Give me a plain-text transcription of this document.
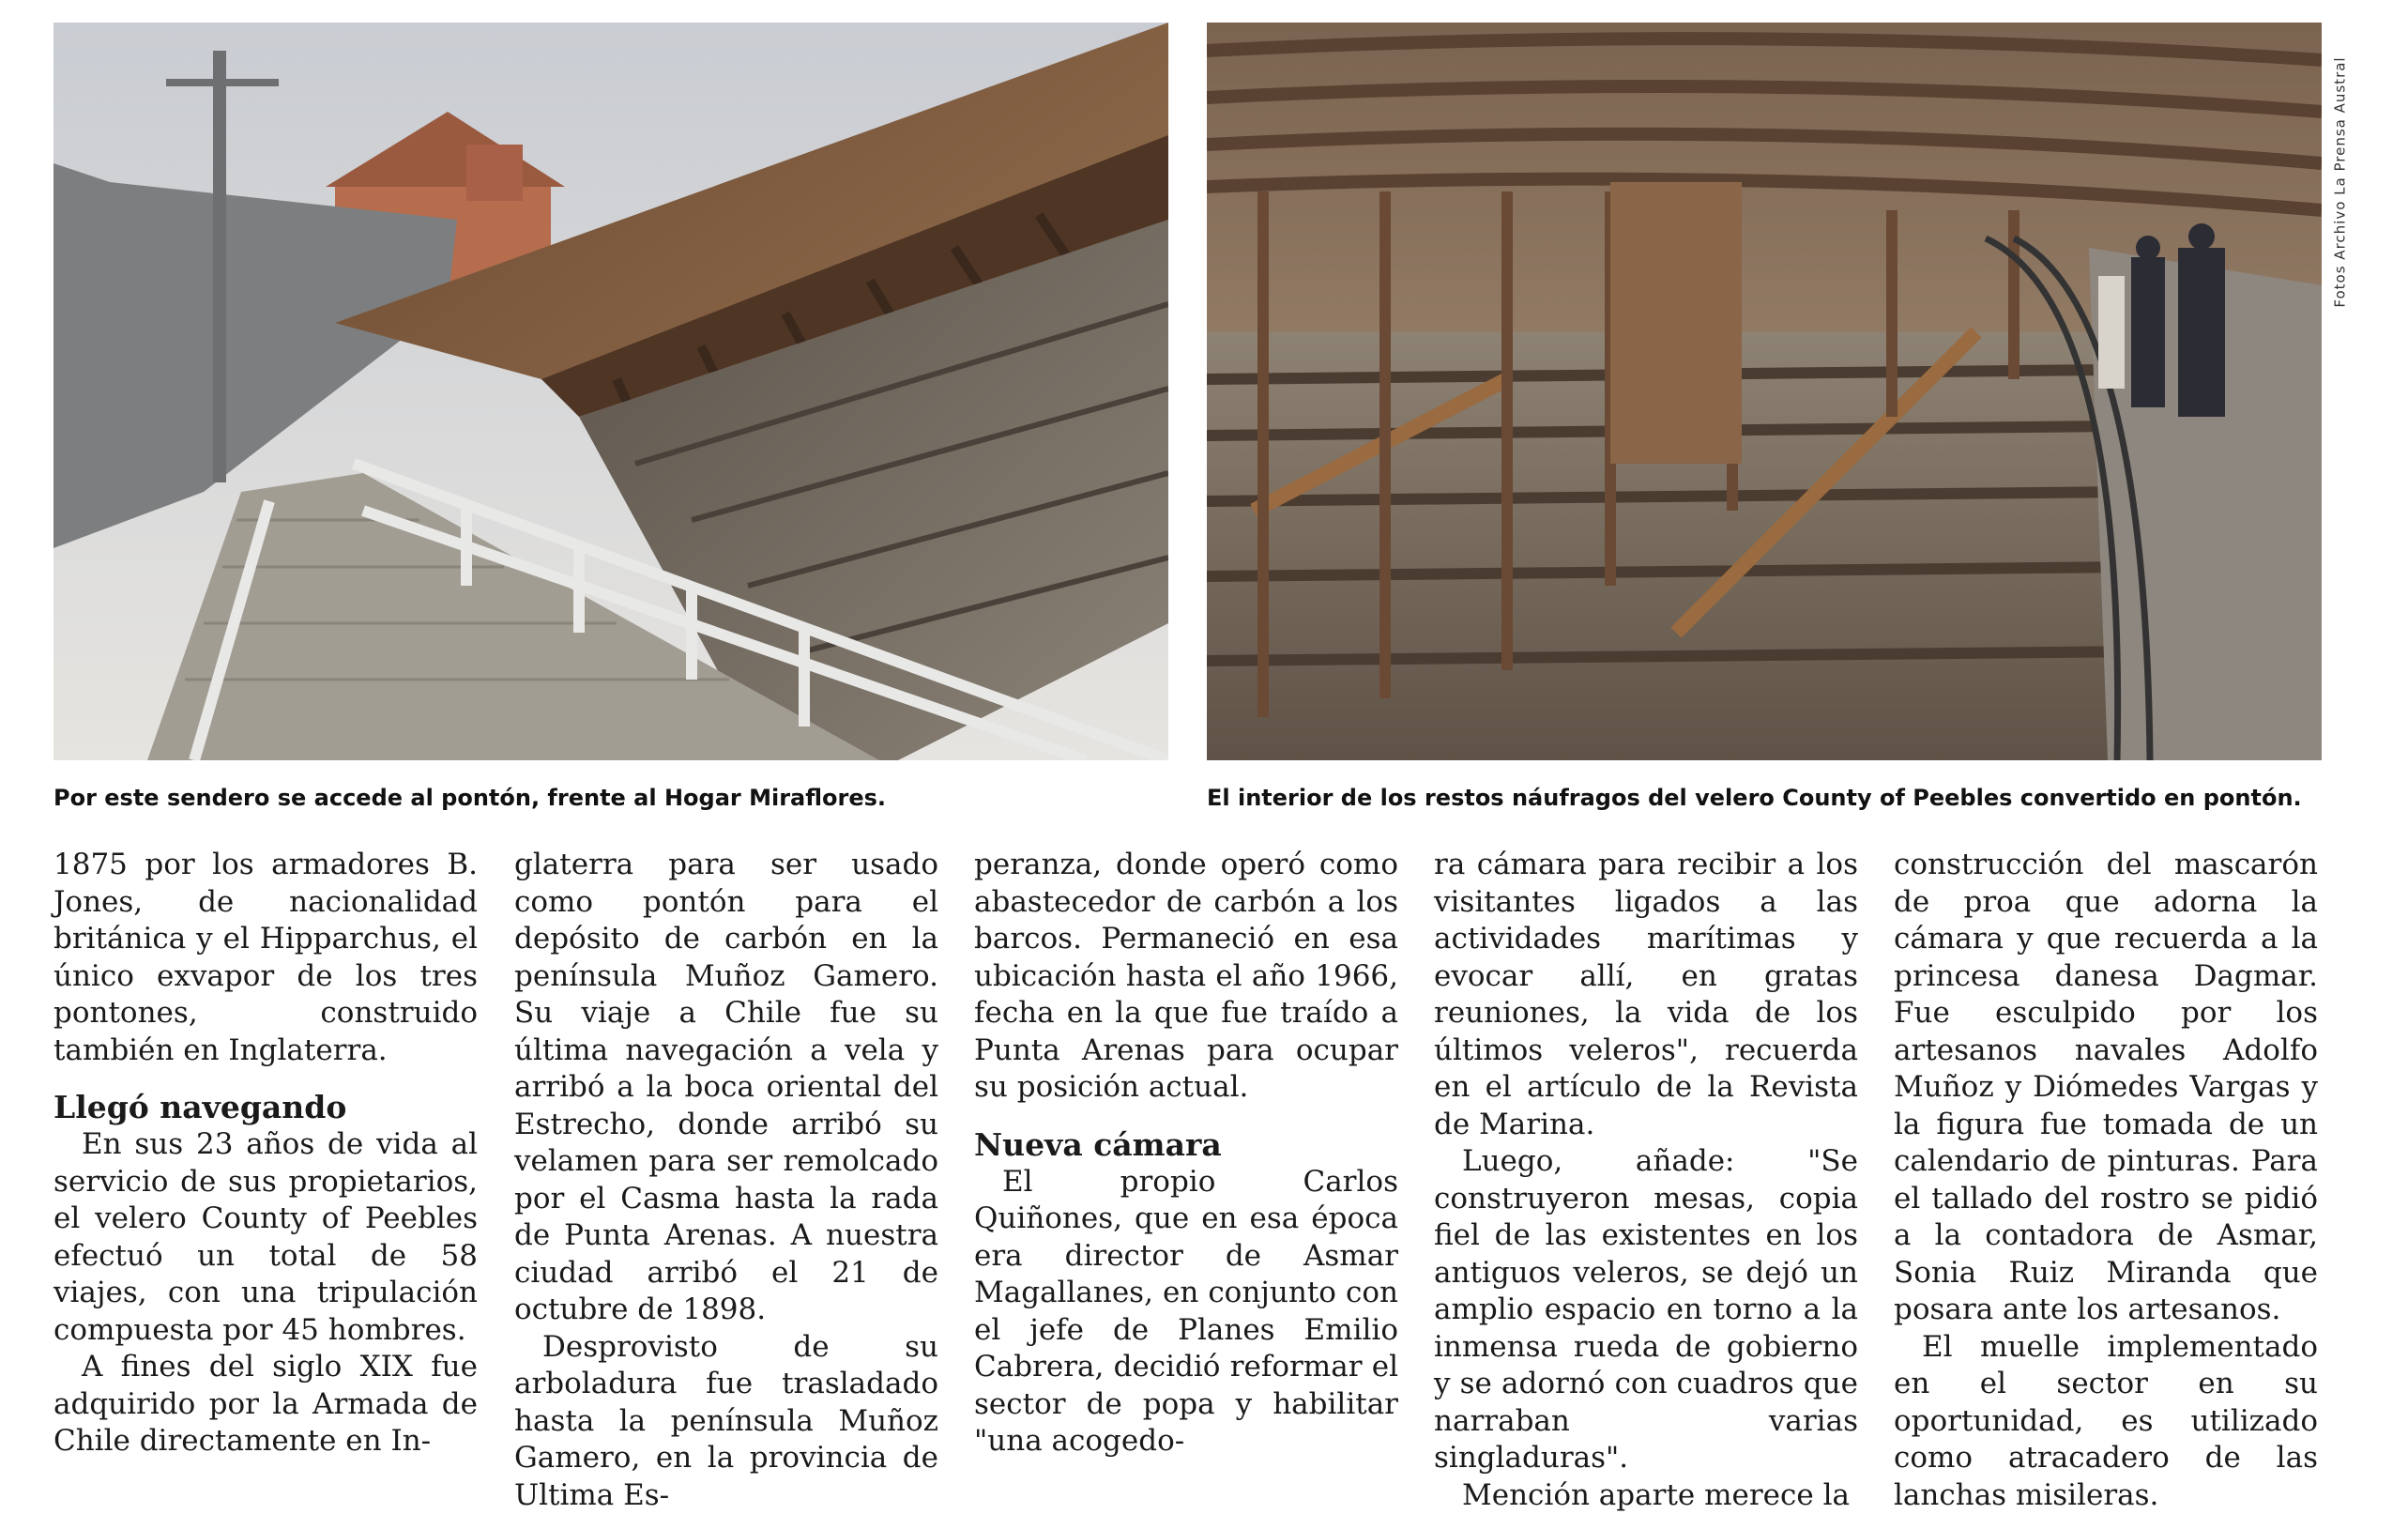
Por este sendero se accede al pontón, frente al Hogar Miraflores.	El interior de los restos náufragos del velero County of Peebles convertido en pontón.
Fotos Archivo La Prensa Austral

1875 por los armadores B. Jones, de nacionalidad británica y el Hipparchus, el único exvapor de los tres pontones, construido también en Inglaterra.

Llegó navegando

En sus 23 años de vida al servicio de sus propietarios, el velero County of Peebles efectuó un total de 58 viajes, con una tripulación compuesta por 45 hombres.

A fines del siglo XIX fue adquirido por la Armada de Chile directamente en In-

glaterra para ser usado como pontón para el depósito de carbón en la península Muñoz Gamero. Su viaje a Chile fue su última navegación a vela y arribó a la boca oriental del Estrecho, donde arribó su velamen para ser remolcado por el Casma hasta la rada de Punta Arenas. A nuestra ciudad arribó el 21 de octubre de 1898.

Desprovisto de su arboladura fue trasladado hasta la península Muñoz Gamero, en la provincia de Ultima Es-

peranza, donde operó como abastecedor de carbón a los barcos. Permaneció en esa ubicación hasta el año 1966, fecha en la que fue traído a Punta Arenas para ocupar su posición actual.

Nueva cámara

El propio Carlos Quiñones, que en esa época era director de Asmar Magallanes, en conjunto con el jefe de Planes Emilio Cabrera, decidió reformar el sector de popa y habilitar "una acogedo-

ra cámara para recibir a los visitantes ligados a las actividades marítimas y evocar allí, en gratas reuniones, la vida de los últimos veleros", recuerda en el artículo de la Revista de Marina.

Luego, añade: "Se construyeron mesas, copia fiel de las existentes en los antiguos veleros, se dejó un amplio espacio en torno a la inmensa rueda de gobierno y se adornó con cuadros que narraban varias singladuras".

Mención aparte merece la

construcción del mascarón de proa que adorna la cámara y que recuerda a la princesa danesa Dagmar. Fue esculpido por los artesanos navales Adolfo Muñoz y Diómedes Vargas y la figura fue tomada de un calendario de pinturas. Para el tallado del rostro se pidió a la contadora de Asmar, Sonia Ruiz Miranda que posara ante los artesanos.

El muelle implementado en el sector en su oportunidad, es utilizado como atracadero de las lanchas misileras.
